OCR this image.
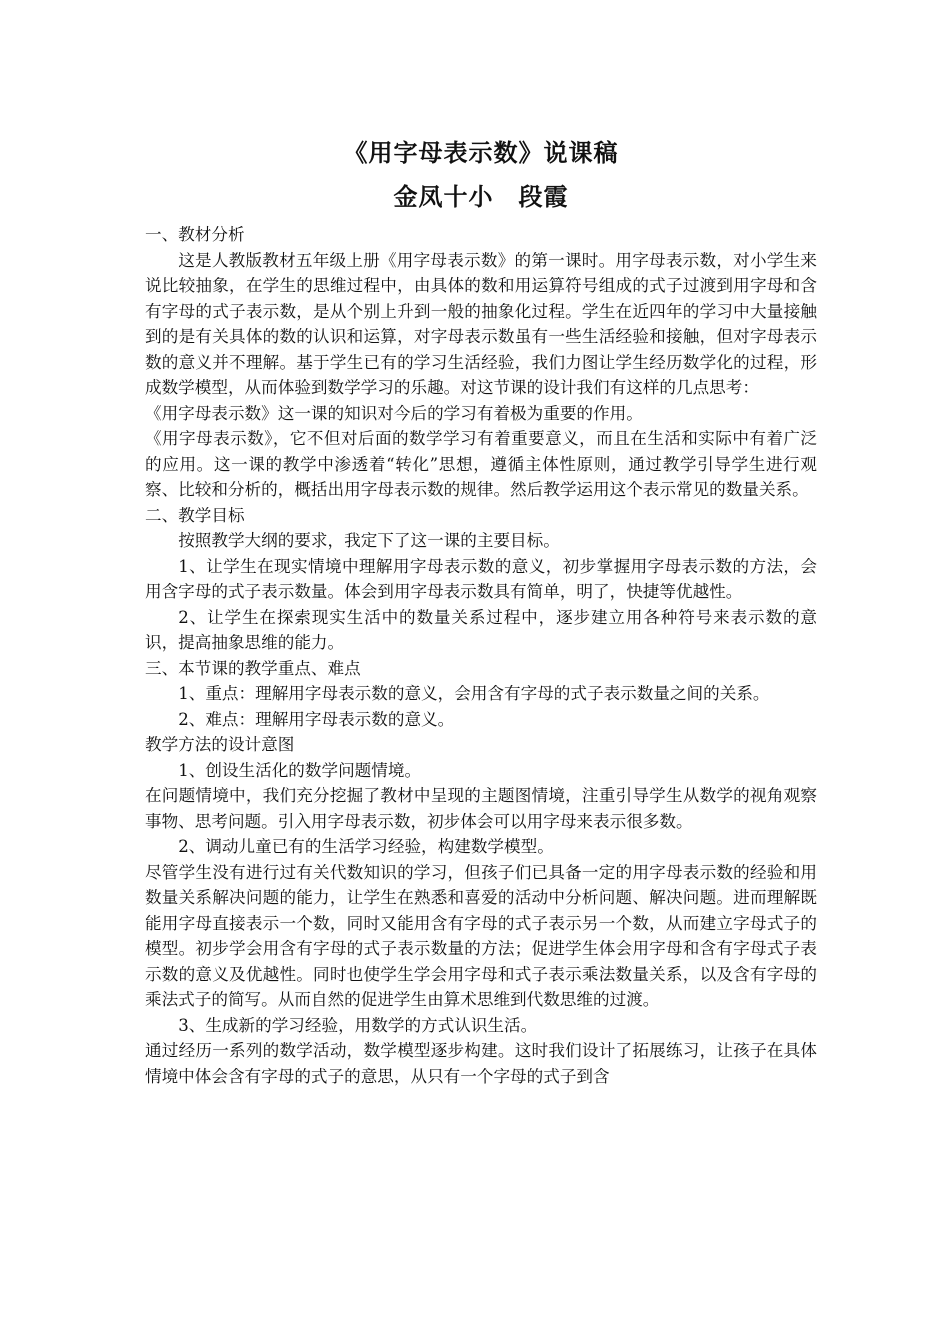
《用字母表示数》说课稿
金凤十小　段霞

一、教材分析

这是人教版教材五年级上册《用字母表示数》的第一课时。用字母表示数，对小学生来说比较抽象，在学生的思维过程中，由具体的数和用运算符号组成的式子过渡到用字母和含有字母的式子表示数，是从个别上升到一般的抽象化过程。学生在近四年的学习中大量接触到的是有关具体的数的认识和运算，对字母表示数虽有一些生活经验和接触，但对字母表示数的意义并不理解。基于学生已有的学习生活经验，我们力图让学生经历数学化的过程，形成数学模型，从而体验到数学学习的乐趣。对这节课的设计我们有这样的几点思考：

《用字母表示数》这一课的知识对今后的学习有着极为重要的作用。

《用字母表示数》，它不但对后面的数学学习有着重要意义，而且在生活和实际中有着广泛的应用。这一课的教学中渗透着“转化”思想，遵循主体性原则，通过教学引导学生进行观察、比较和分析的，概括出用字母表示数的规律。然后教学运用这个表示常见的数量关系。

二、教学目标

按照教学大纲的要求，我定下了这一课的主要目标。

1、让学生在现实情境中理解用字母表示数的意义，初步掌握用字母表示数的方法，会用含字母的式子表示数量。体会到用字母表示数具有简单，明了，快捷等优越性。

2、让学生在探索现实生活中的数量关系过程中，逐步建立用各种符号来表示数的意识，提高抽象思维的能力。

三、本节课的教学重点、难点

1、重点：理解用字母表示数的意义，会用含有字母的式子表示数量之间的关系。

2、难点：理解用字母表示数的意义。

教学方法的设计意图

1、创设生活化的数学问题情境。

在问题情境中，我们充分挖掘了教材中呈现的主题图情境，注重引导学生从数学的视角观察事物、思考问题。引入用字母表示数，初步体会可以用字母来表示很多数。

2、调动儿童已有的生活学习经验，构建数学模型。

尽管学生没有进行过有关代数知识的学习，但孩子们已具备一定的用字母表示数的经验和用数量关系解决问题的能力，让学生在熟悉和喜爱的活动中分析问题、解决问题。进而理解既能用字母直接表示一个数，同时又能用含有字母的式子表示另一个数，从而建立字母式子的模型。初步学会用含有字母的式子表示数量的方法；促进学生体会用字母和含有字母式子表示数的意义及优越性。同时也使学生学会用字母和式子表示乘法数量关系，以及含有字母的乘法式子的简写。从而自然的促进学生由算术思维到代数思维的过渡。

3、生成新的学习经验，用数学的方式认识生活。

通过经历一系列的数学活动，数学模型逐步构建。这时我们设计了拓展练习，让孩子在具体情境中体会含有字母的式子的意思，从只有一个字母的式子到含
